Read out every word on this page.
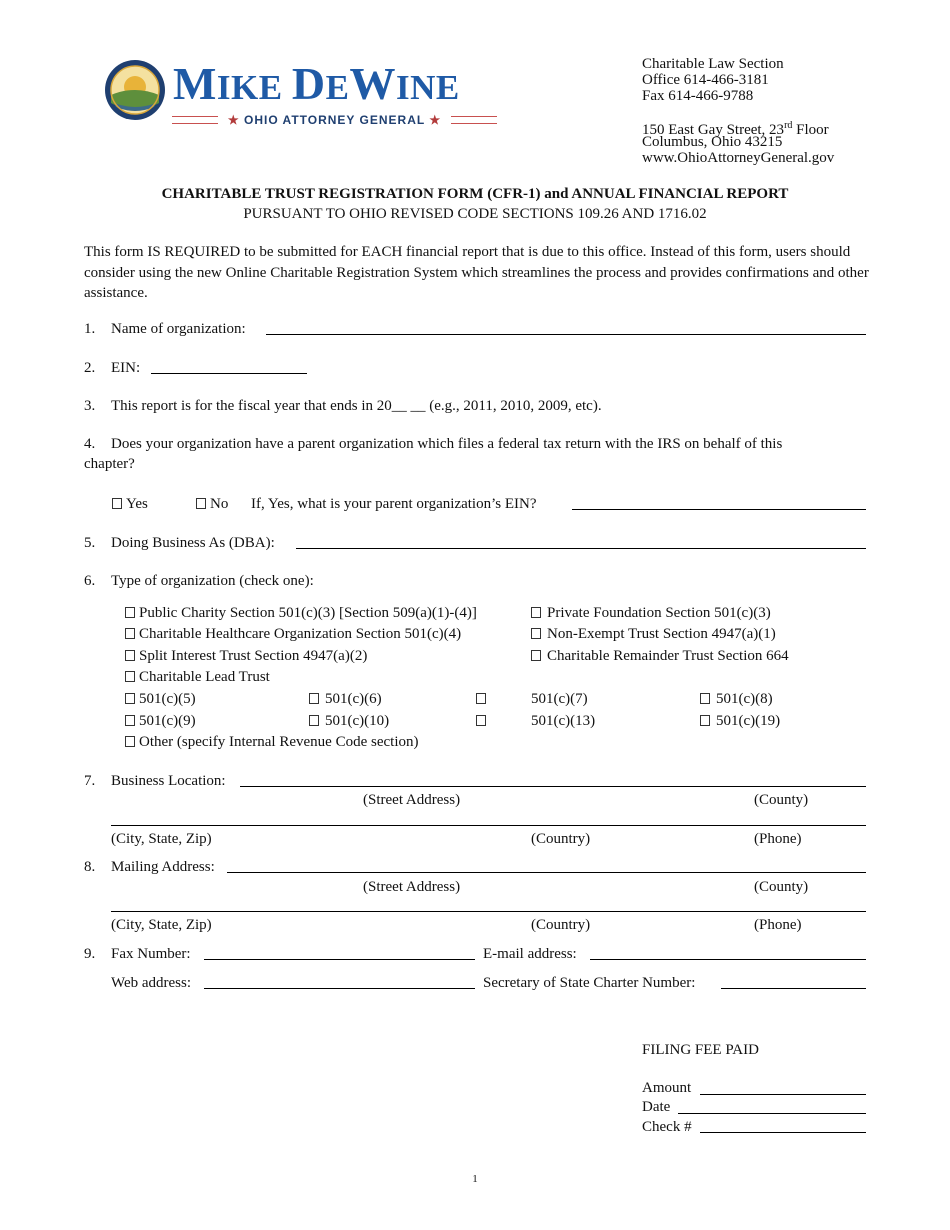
MIKE DEWINE
★ OHIO ATTORNEY GENERAL ★
Charitable Law Section
Office 614-466-3181
Fax 614-466-9788
150 East Gay Street, 23rd Floor
Columbus, Ohio 43215
www.OhioAttorneyGeneral.gov
CHARITABLE TRUST REGISTRATION FORM (CFR-1) and ANNUAL FINANCIAL REPORT
PURSUANT TO OHIO REVISED CODE SECTIONS 109.26 AND 1716.02
This form IS REQUIRED to be submitted for EACH financial report that is due to this office. Instead of this form, users should consider using the new Online Charitable Registration System which streamlines the process and provides confirmations and other assistance.
1. Name of organization:
2. EIN:
3. This report is for the fiscal year that ends in 20__ __ (e.g., 2011, 2010, 2009, etc).
4. Does your organization have a parent organization which files a federal tax return with the IRS on behalf of this
chapter?
Yes	No If, Yes, what is your parent organization’s EIN?
5. Doing Business As (DBA):
6. Type of organization (check one):
Public Charity Section 501(c)(3) [Section 509(a)(1)-(4)]	Private Foundation Section 501(c)(3)
Charitable Healthcare Organization Section 501(c)(4)	Non-Exempt Trust Section 4947(a)(1)
Split Interest Trust Section 4947(a)(2)	Charitable Remainder Trust Section 664
Charitable Lead Trust
501(c)(5)	501(c)(6)	501(c)(7)	501(c)(8)
501(c)(9)	501(c)(10)	501(c)(13)	501(c)(19)
Other (specify Internal Revenue Code section)
7. Business Location:
(Street Address)	(County)
(City, State, Zip)	(Country)	(Phone)
8. Mailing Address:
(Street Address)	(County)
(City, State, Zip)	(Country)	(Phone)
9. Fax Number:	E-mail address:
Web address:	Secretary of State Charter Number:
FILING FEE PAID
Amount
Date
Check #
1
